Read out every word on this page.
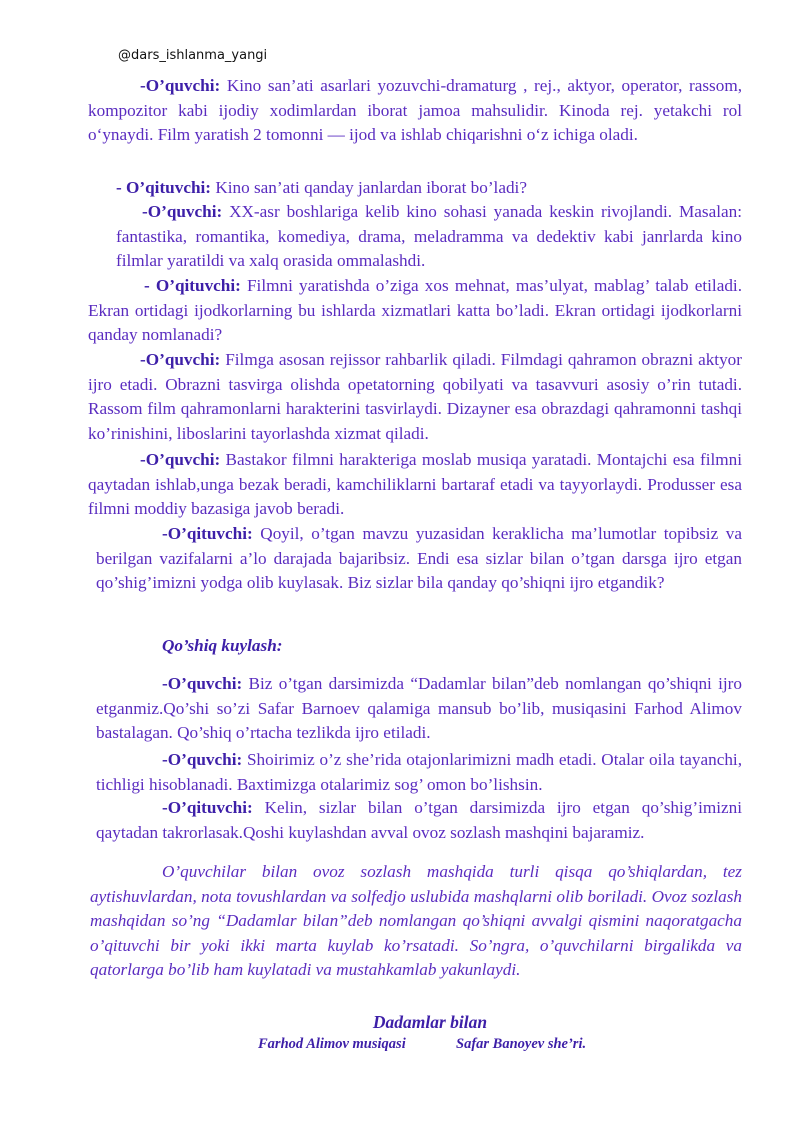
@dars_ishlanma_yangi

-O’quvchi: Kino san’ati asarlari yozuvchi-dramaturg , rej., aktyor, operator, rassom, kompozitor kabi ijodiy xodimlardan iborat jamoa mahsulidir. Kinoda rej. yetakchi rol oʻynaydi. Film yaratish 2 tomonni — ijod va ishlab chiqarishni oʻz ichiga oladi.

- O’qituvchi: Kino san’ati qanday janlardan iborat bo’ladi?

-O’quvchi: XX-asr boshlariga kelib kino sohasi yanada keskin rivojlandi. Masalan: fantastika, romantika, komediya, drama, meladramma va dedektiv kabi janrlarda kino filmlar yaratildi va xalq orasida ommalashdi.

- O’qituvchi: Filmni yaratishda o’ziga xos mehnat, mas’ulyat, mablag’ talab etiladi. Ekran ortidagi ijodkorlarning bu ishlarda xizmatlari katta bo’ladi. Ekran ortidagi ijodkorlarni qanday nomlanadi?

-O’quvchi: Filmga asosan rejissor rahbarlik qiladi. Filmdagi qahramon obrazni aktyor ijro etadi. Obrazni tasvirga olishda opetatorning qobilyati va tasavvuri asosiy o’rin tutadi. Rassom film qahramonlarni harakterini tasvirlaydi. Dizayner esa obrazdagi qahramonni tashqi ko’rinishini, liboslarini tayorlashda xizmat qiladi.

-O’quvchi: Bastakor filmni harakteriga moslab musiqa yaratadi. Montajchi esa filmni qaytadan ishlab,unga bezak beradi, kamchiliklarni bartaraf etadi va tayyorlaydi. Produsser esa filmni moddiy bazasiga javob beradi.

-O’qituvchi: Qoyil, o’tgan mavzu yuzasidan keraklicha ma’lumotlar topibsiz va berilgan vazifalarni a’lo darajada bajaribsiz. Endi esa sizlar bilan o’tgan darsga ijro etgan qo’shig’imizni yodga olib kuylasak. Biz sizlar bila qanday qo’shiqni ijro etgandik?

Qo’shiq kuylash:

-O’quvchi: Biz o’tgan darsimizda “Dadamlar bilan”deb nomlangan qo’shiqni ijro etganmiz.Qo’shi so’zi Safar Barnoev qalamiga mansub bo’lib, musiqasini Farhod Alimov bastalagan. Qo’shiq o’rtacha tezlikda ijro etiladi.

-O’quvchi: Shoirimiz o’z she’rida otajonlarimizni madh etadi. Otalar oila tayanchi, tichligi hisoblanadi. Baxtimizga otalarimiz sog’ omon bo’lishsin.

-O’qituvchi: Kelin, sizlar bilan o’tgan darsimizda ijro etgan qo’shig’imizni qaytadan takrorlasak.Qoshi kuylashdan avval ovoz sozlash mashqini bajaramiz.

O’quvchilar bilan ovoz sozlash mashqida turli qisqa qo’shiqlardan, tez aytishuvlardan, nota tovushlardan va solfedjo uslubida mashqlarni olib boriladi. Ovoz sozlash mashqidan so’ng “Dadamlar bilan”deb nomlangan qo’shiqni avvalgi qismini naqoratgacha o’qituvchi bir yoki ikki marta kuylab ko’rsatadi. So’ngra, o’quvchilarni birgalikda va qatorlarga bo’lib ham kuylatadi va mustahkamlab yakunlaydi.

Dadamlar bilan
Farhod Alimov musiqasi	Safar Banoyev she’ri.
